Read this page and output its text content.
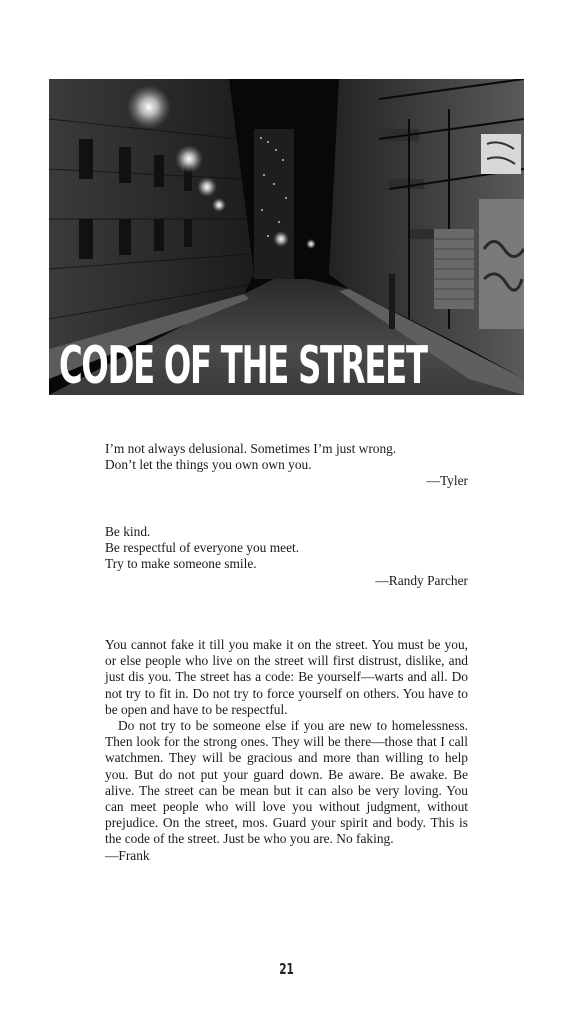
CODE OF THE STREET

I’m not always delusional. Sometimes I’m just wrong.

Don’t let the things you own own you.

—Tyler

Be kind.

Be respectful of everyone you meet.

Try to make someone smile.

—Randy Parcher

You cannot fake it till you make it on the street. You must be you, or else people who live on the street will first distrust, dislike, and just dis you. The street has a code: Be yourself—warts and all. Do not try to fit in. Do not try to force yourself on others. You have to be open and have to be respectful.

Do not try to be someone else if you are new to homelessness. Then look for the strong ones. They will be there—those that I call watchmen. They will be gracious and more than willing to help you. But do not put your guard down. Be aware. Be awake. Be alive. The street can be mean but it can also be very loving. You can meet people who will love you without judgment, without prejudice. On the street, mos. Guard your spirit and body. This is the code of the street. Just be who you are. No faking.

—Frank

21
